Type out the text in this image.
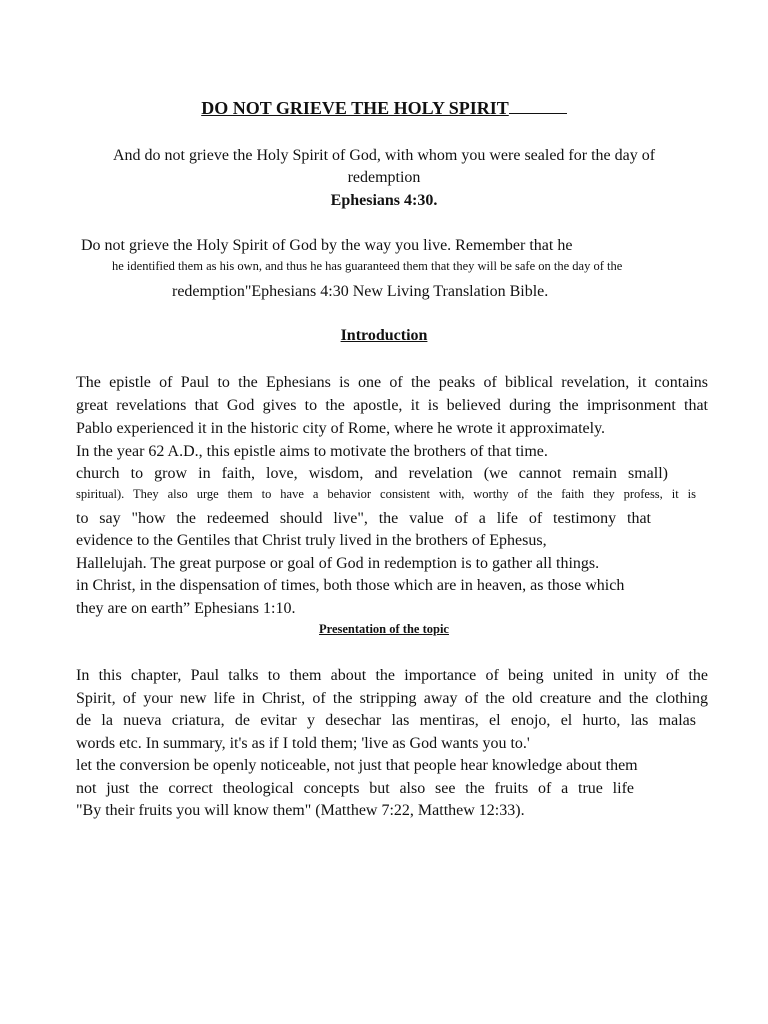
DO NOT GRIEVE THE HOLY SPIRIT
And do not grieve the Holy Spirit of God, with whom you were sealed for the day of
redemption
Ephesians 4:30.
Do not grieve the Holy Spirit of God by the way you live. Remember that he
he identified them as his own, and thus he has guaranteed them that they will be safe on the day of the
redemption"Ephesians 4:30 New Living Translation Bible.
Introduction
The epistle of Paul to the Ephesians is one of the peaks of biblical revelation, it contains
great revelations that God gives to the apostle, it is believed during the imprisonment that
Pablo experienced it in the historic city of Rome, where he wrote it approximately.
In the year 62 A.D., this epistle aims to motivate the brothers of that time.
church to grow in faith, love, wisdom, and revelation (we cannot remain small)
spiritual). They also urge them to have a behavior consistent with, worthy of the faith they profess, it is
to say "how the redeemed should live", the value of a life of testimony that
evidence to the Gentiles that Christ truly lived in the brothers of Ephesus,
Hallelujah. The great purpose or goal of God in redemption is to gather all things.
in Christ, in the dispensation of times, both those which are in heaven, as those which
they are on earth” Ephesians 1:10.
Presentation of the topic
In this chapter, Paul talks to them about the importance of being united in unity of the
Spirit, of your new life in Christ, of the stripping away of the old creature and the clothing
de la nueva criatura, de evitar y desechar las mentiras, el enojo, el hurto, las malas
words etc. In summary, it's as if I told them; 'live as God wants you to.'
let the conversion be openly noticeable, not just that people hear knowledge about them
not just the correct theological concepts but also see the fruits of a true life
"By their fruits you will know them" (Matthew 7:22, Matthew 12:33).
